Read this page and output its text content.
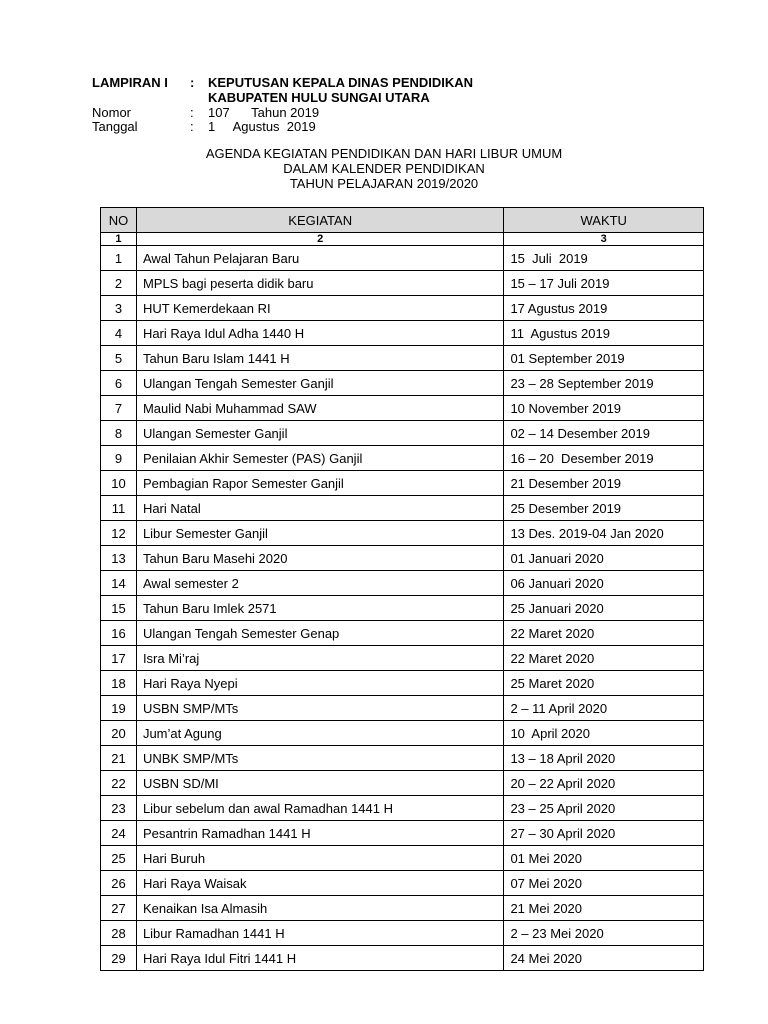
LAMPIRAN I : KEPUTUSAN KEPALA DINAS PENDIDIKAN
KABUPATEN HULU SUNGAI UTARA
Nomor	: 107      Tahun 2019
Tanggal	: 1     Agustus  2019
AGENDA KEGIATAN PENDIDIKAN DAN HARI LIBUR UMUM
DALAM KALENDER PENDIDIKAN
TAHUN PELAJARAN 2019/2020
NO	KEGIATAN	WAKTU
1	2	3
1	Awal Tahun Pelajaran Baru	15  Juli  2019
2	MPLS bagi peserta didik baru	15 – 17 Juli 2019
3	HUT Kemerdekaan RI	17 Agustus 2019
4	Hari Raya Idul Adha 1440 H	11  Agustus 2019
5	Tahun Baru Islam 1441 H	01 September 2019
6	Ulangan Tengah Semester Ganjil	23 – 28 September 2019
7	Maulid Nabi Muhammad SAW	10 November 2019
8	Ulangan Semester Ganjil	02 – 14 Desember 2019
9	Penilaian Akhir Semester (PAS) Ganjil	16 – 20  Desember 2019
10	Pembagian Rapor Semester Ganjil	21 Desember 2019
11	Hari Natal	25 Desember 2019
12	Libur Semester Ganjil	13 Des. 2019-04 Jan 2020
13	Tahun Baru Masehi 2020	01 Januari 2020
14	Awal semester 2	06 Januari 2020
15	Tahun Baru Imlek 2571	25 Januari 2020
16	Ulangan Tengah Semester Genap	22 Maret 2020
17	Isra Mi’raj	22 Maret 2020
18	Hari Raya Nyepi	25 Maret 2020
19	USBN SMP/MTs	2 – 11 April 2020
20	Jum’at Agung	10  April 2020
21	UNBK SMP/MTs	13 – 18 April 2020
22	USBN SD/MI	20 – 22 April 2020
23	Libur sebelum dan awal Ramadhan 1441 H	23 – 25 April 2020
24	Pesantrin Ramadhan 1441 H	27 – 30 April 2020
25	Hari Buruh	01 Mei 2020
26	Hari Raya Waisak	07 Mei 2020
27	Kenaikan Isa Almasih	21 Mei 2020
28	Libur Ramadhan 1441 H	2 – 23 Mei 2020
29	Hari Raya Idul Fitri 1441 H	24 Mei 2020
